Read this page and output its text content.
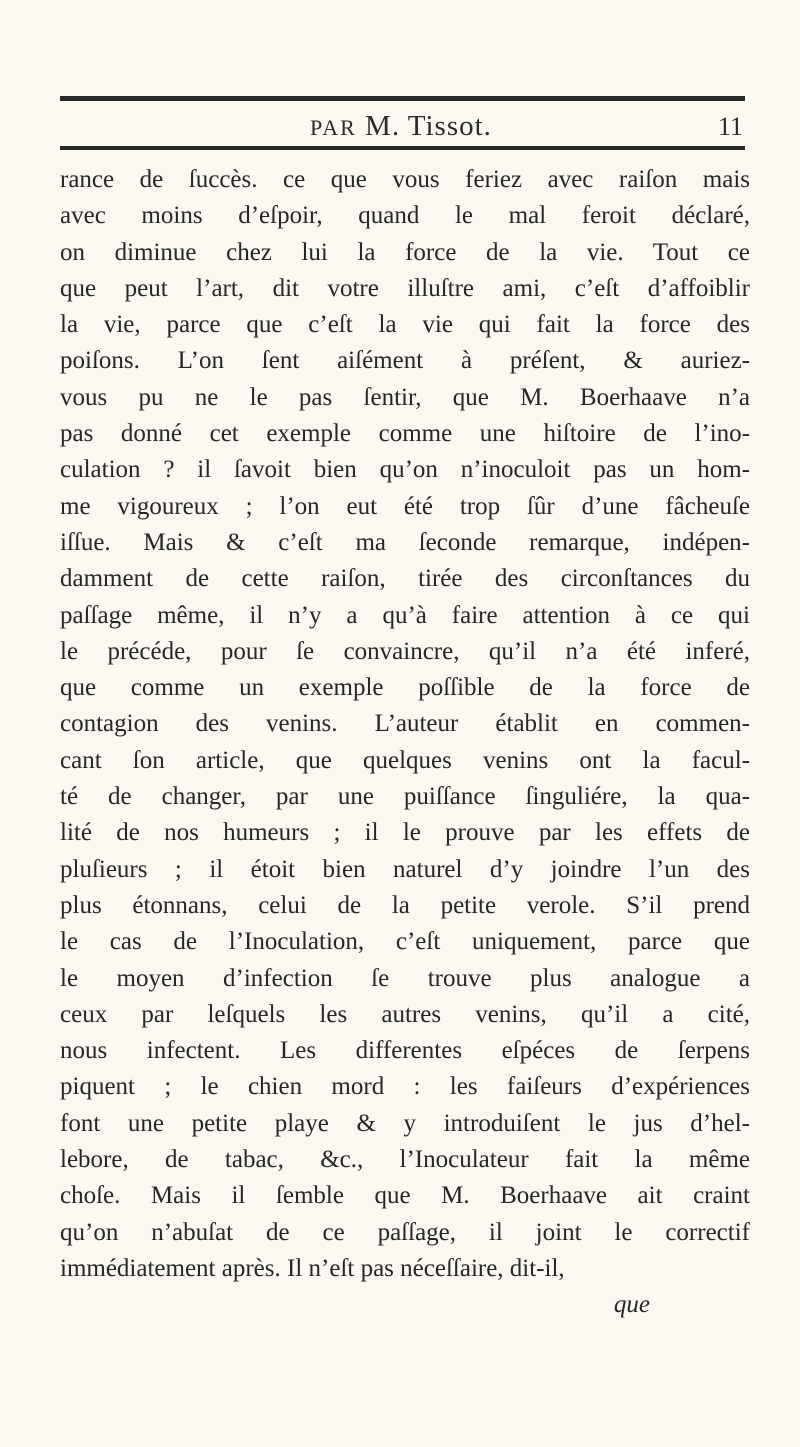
PAR M. Tissot.	11
rance de ſuccès. ce que vous feriez avec raiſon mais
avec moins d’eſpoir, quand le mal feroit déclaré,
on diminue chez lui la force de la vie. Tout ce
que peut l’art, dit votre illuſtre ami, c’eſt d’affoiblir
la vie, parce que c’eſt la vie qui fait la force des
poiſons. L’on ſent aiſément à préſent, & auriez-
vous pu ne le pas ſentir, que M. Boerhaave n’a
pas donné cet exemple comme une hiſtoire de l’ino-
culation ? il ſavoit bien qu’on n’inoculoit pas un hom-
me vigoureux ; l’on eut été trop ſûr d’une fâcheuſe
iſſue. Mais & c’eſt ma ſeconde remarque, indépen-
damment de cette raiſon, tirée des circonſtances du
paſſage même, il n’y a qu’à faire attention à ce qui
le précéde, pour ſe convaincre, qu’il n’a été inferé,
que comme un exemple poſſible de la force de
contagion des venins. L’auteur établit en commen-
cant ſon article, que quelques venins ont la facul-
té de changer, par une puiſſance ſinguliére, la qua-
lité de nos humeurs ; il le prouve par les effets de
pluſieurs ; il étoit bien naturel d’y joindre l’un des
plus étonnans, celui de la petite verole. S’il prend
le cas de l’Inoculation, c’eſt uniquement, parce que
le moyen d’infection ſe trouve plus analogue a
ceux par leſquels les autres venins, qu’il a cité,
nous infectent. Les differentes eſpéces de ſerpens
piquent ; le chien mord : les faiſeurs d’expériences
font une petite playe & y introduiſent le jus d’hel-
lebore, de tabac, &c., l’Inoculateur fait la même
choſe. Mais il ſemble que M. Boerhaave ait craint
qu’on n’abuſat de ce paſſage, il joint le correctif
immédiatement après. Il n’eſt pas néceſſaire, dit-il,
que
